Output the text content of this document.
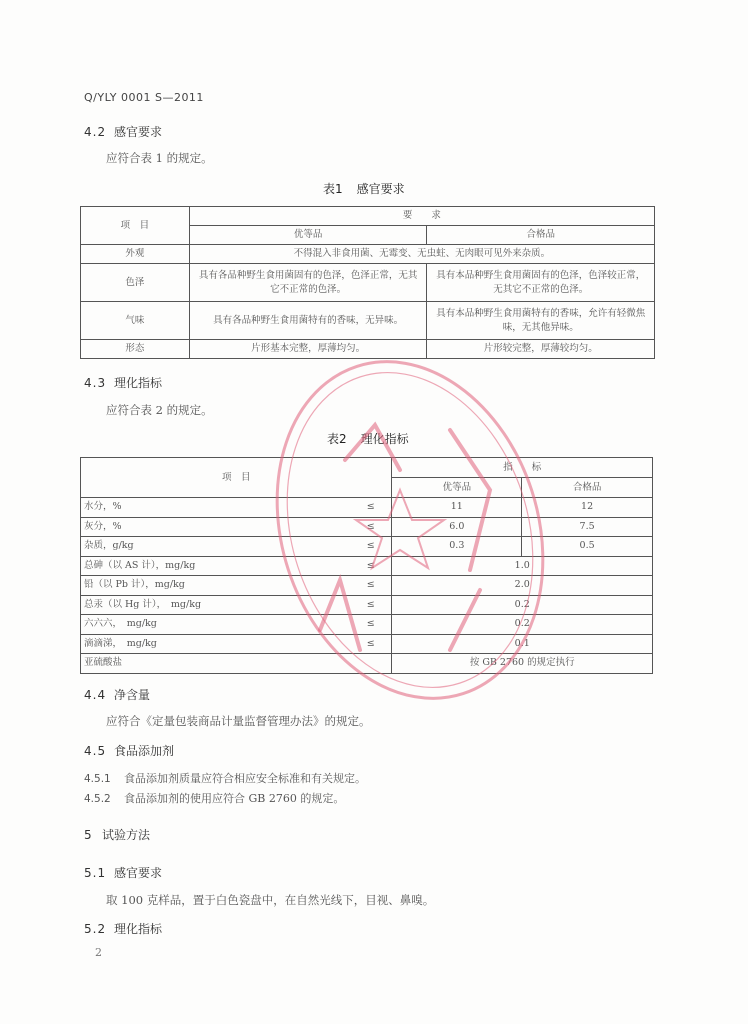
Q/YLY 0001 S—2011
4.2 感官要求
应符合表 1 的规定。
表1 感官要求
项　目	要　　求	
	优等品	合格品
外观	不得混入非食用菌、无霉变、无虫蛀、无肉眼可见外来杂质。	
色泽	具有各品种野生食用菌固有的色泽，色泽正常，无其它不正常的色泽。	具有本品种野生食用菌固有的色泽，色泽较正常，无其它不正常的色泽。
气味	具有各品种野生食用菌特有的香味，无异味。	具有本品种野生食用菌特有的香味，允许有轻微焦味，无其他异味。
形态	片形基本完整，厚薄均匀。	片形较完整，厚薄较均匀。
4.3 理化指标
应符合表 2 的规定。
表2 理化指标
项　目		指　　标	
		优等品	合格品
水分，%	≤	11	12
灰分，%	≤	6.0	7.5
杂质，g/kg	≤	0.3	0.5
总砷（以 AS 计），mg/kg	≤	1.0	
铅（以 Pb 计），mg/kg	≤	2.0	
总汞（以 Hg 计），　mg/kg	≤	0.2	
六六六，　mg/kg	≤	0.2	
滴滴涕，　mg/kg	≤	0.1	
亚硫酸盐		按 GB 2760 的规定执行	
4.4 净含量
应符合《定量包装商品计量监督管理办法》的规定。
4.5 食品添加剂
4.5.1 食品添加剂质量应符合相应安全标准和有关规定。
4.5.2 食品添加剂的使用应符合 GB 2760 的规定。
5 试验方法
5.1 感官要求
取 100 克样品，置于白色瓷盘中，在自然光线下，目视、鼻嗅。
5.2 理化指标
2
